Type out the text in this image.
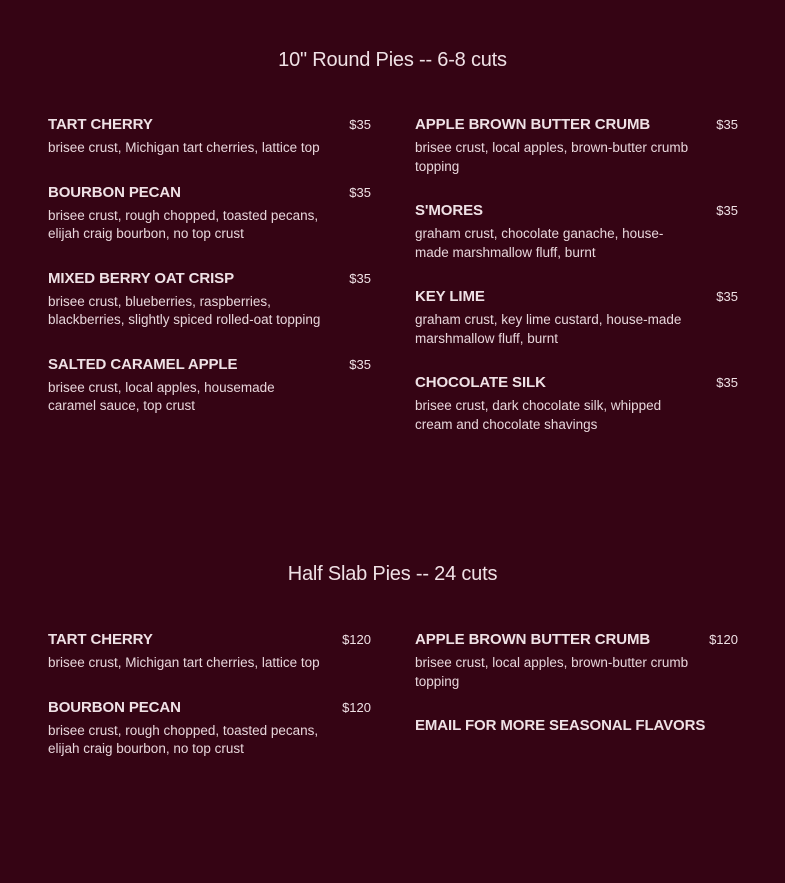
10" Round Pies -- 6-8 cuts
TART CHERRY	$35
brisee crust, Michigan tart cherries, lattice top
BOURBON PECAN	$35
brisee crust, rough chopped, toasted pecans, elijah craig bourbon, no top crust
MIXED BERRY OAT CRISP	$35
brisee crust, blueberries, raspberries, blackberries, slightly spiced rolled-oat topping
SALTED CARAMEL APPLE	$35
brisee crust, local apples, housemade caramel sauce, top crust
APPLE BROWN BUTTER CRUMB	$35
brisee crust, local apples, brown-butter crumb topping
S'MORES	$35
graham crust, chocolate ganache, house-made marshmallow fluff, burnt
KEY LIME	$35
graham crust, key lime custard, house-made marshmallow fluff, burnt
CHOCOLATE SILK	$35
brisee crust, dark chocolate silk, whipped cream and chocolate shavings
Half Slab Pies -- 24 cuts
TART CHERRY	$120
brisee crust, Michigan tart cherries, lattice top
BOURBON PECAN	$120
brisee crust, rough chopped, toasted pecans, elijah craig bourbon, no top crust
APPLE BROWN BUTTER CRUMB	$120
brisee crust, local apples, brown-butter crumb topping
EMAIL FOR MORE SEASONAL FLAVORS
